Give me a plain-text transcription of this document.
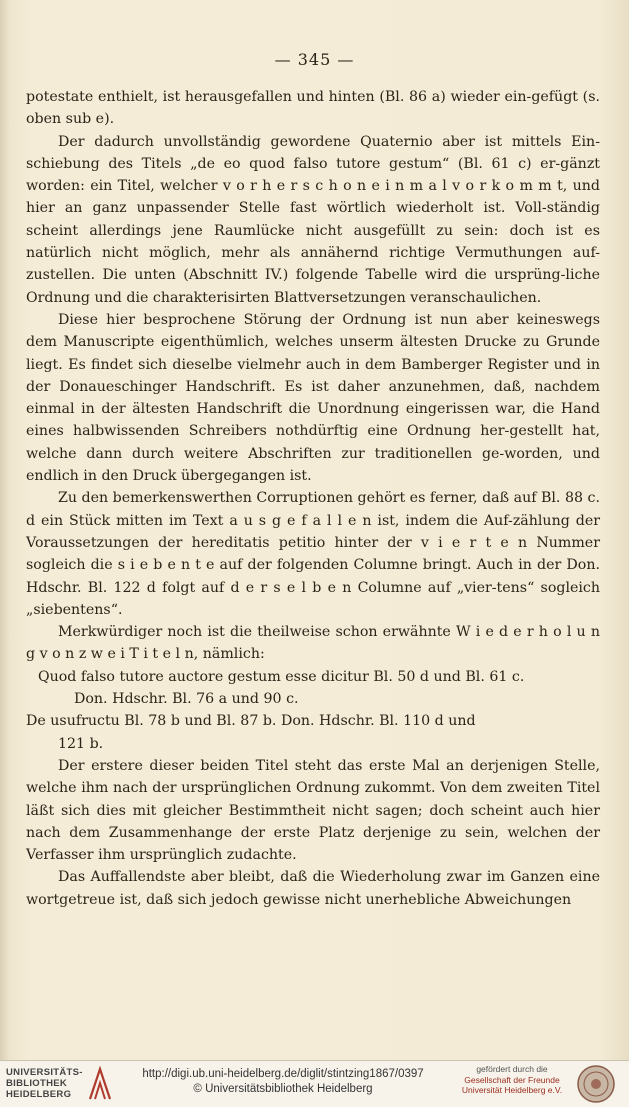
— 345 —

potestate enthielt, ist herausgefallen und hinten (Bl. 86 a) wieder ein-gefügt (s. oben sub e).

Der dadurch unvollständig gewordene Quaternio aber ist mittels Ein-schiebung des Titels „de eo quod falso tutore gestum“ (Bl. 61 c) er-gänzt worden: ein Titel, welcher v o r h e r s c h o n e i n m a l v o r k o m m t, und hier an ganz unpassender Stelle fast wörtlich wiederholt ist. Voll-ständig scheint allerdings jene Raumlücke nicht ausgefüllt zu sein: doch ist es natürlich nicht möglich, mehr als annähernd richtige Vermuthungen auf-zustellen. Die unten (Abschnitt IV.) folgende Tabelle wird die ursprüng-liche Ordnung und die charakterisirten Blattversetzungen veranschaulichen.

Diese hier besprochene Störung der Ordnung ist nun aber keineswegs dem Manuscripte eigenthümlich, welches unserm ältesten Drucke zu Grunde liegt. Es findet sich dieselbe vielmehr auch in dem Bamberger Register und in der Donaueschinger Handschrift. Es ist daher anzunehmen, daß, nachdem einmal in der ältesten Handschrift die Unordnung eingerissen war, die Hand eines halbwissenden Schreibers nothdürftig eine Ordnung her-gestellt hat, welche dann durch weitere Abschriften zur traditionellen ge-worden, und endlich in den Druck übergegangen ist.

Zu den bemerkenswerthen Corruptionen gehört es ferner, daß auf Bl. 88 c. d ein Stück mitten im Text a u s g e f a l l e n ist, indem die Auf-zählung der Voraussetzungen der hereditatis petitio hinter der v i e r t e n Nummer sogleich die s i e b e n t e auf der folgenden Columne bringt. Auch in der Don. Hdschr. Bl. 122 d folgt auf d e r s e l b e n Columne auf „vier-tens“ sogleich „siebentens“.

Merkwürdiger noch ist die theilweise schon erwähnte W i e d e r h o l u n g v o n z w e i T i t e l n, nämlich:

Quod falso tutore auctore gestum esse dicitur Bl. 50 d und Bl. 61 c.

Don. Hdschr. Bl. 76 a und 90 c.

De usufructu Bl. 78 b und Bl. 87 b. Don. Hdschr. Bl. 110 d und

121 b.

Der erstere dieser beiden Titel steht das erste Mal an derjenigen Stelle, welche ihm nach der ursprünglichen Ordnung zukommt. Von dem zweiten Titel läßt sich dies mit gleicher Bestimmtheit nicht sagen; doch scheint auch hier nach dem Zusammenhange der erste Platz derjenige zu sein, welchen der Verfasser ihm ursprünglich zudachte.

Das Auffallendste aber bleibt, daß die Wiederholung zwar im Ganzen eine wortgetreue ist, daß sich jedoch gewisse nicht unerhebliche Abweichungen

UNIVERSITÄTS-
BIBLIOTHEK
HEIDELBERG
http://digi.ub.uni-heidelberg.de/diglit/stintzing1867/0397
© Universitätsbibliothek Heidelberg
gefördert durch die
Gesellschaft der Freunde
Universität Heidelberg e.V.
